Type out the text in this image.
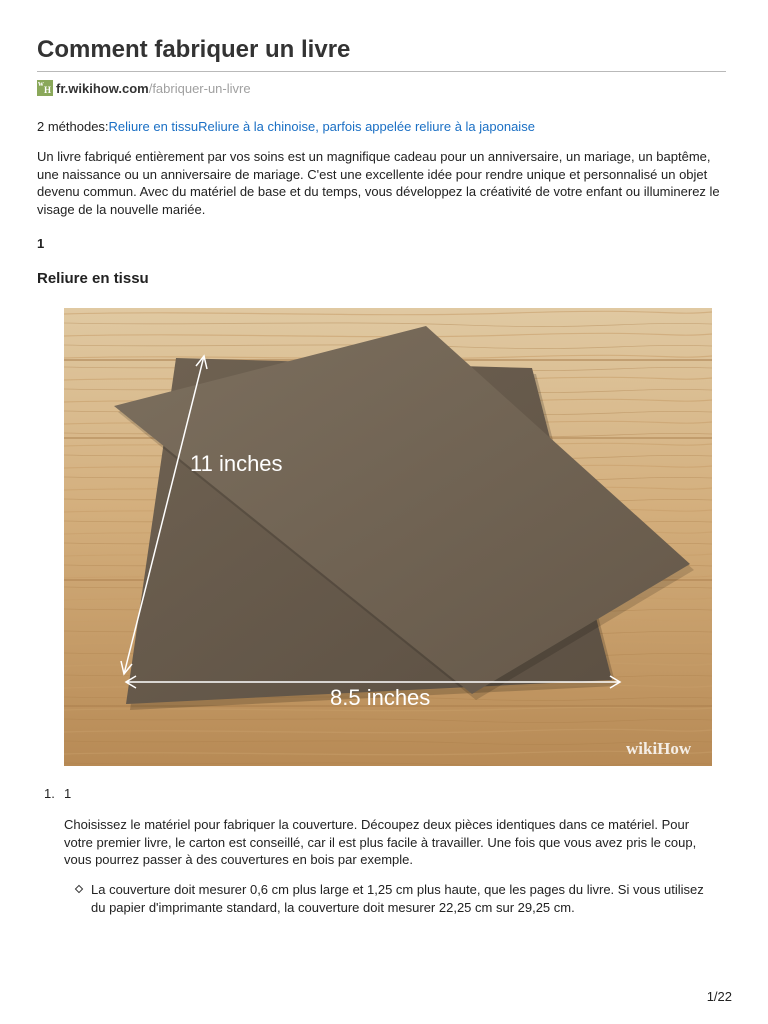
Comment fabriquer un livre
w
H fr.wikihow.com /fabriquer-un-livre
2 méthodes:Reliure en tissuReliure à la chinoise, parfois appelée reliure à la japonaise

Un livre fabriqué entièrement par vos soins est un magnifique cadeau pour un anniversaire, un mariage, un baptême, une naissance ou un anniversaire de mariage. C'est une excellente idée pour rendre unique et personnalisé un objet devenu commun. Avec du matériel de base et du temps, vous développez la créativité de votre enfant ou illuminerez le visage de la nouvelle mariée.

1
Reliure en tissu
11 inches
8.5 inches
wikiHow
1. 1

Choisissez le matériel pour fabriquer la couverture. Découpez deux pièces identiques dans ce matériel. Pour votre premier livre, le carton est conseillé, car il est plus facile à travailler. Une fois que vous avez pris le coup, vous pourrez passer à des couvertures en bois par exemple.

La couverture doit mesurer 0,6 cm plus large et 1,25 cm plus haute, que les pages du livre. Si vous utilisez du papier d'imprimante standard, la couverture doit mesurer 22,25 cm sur 29,25 cm.

1/22
